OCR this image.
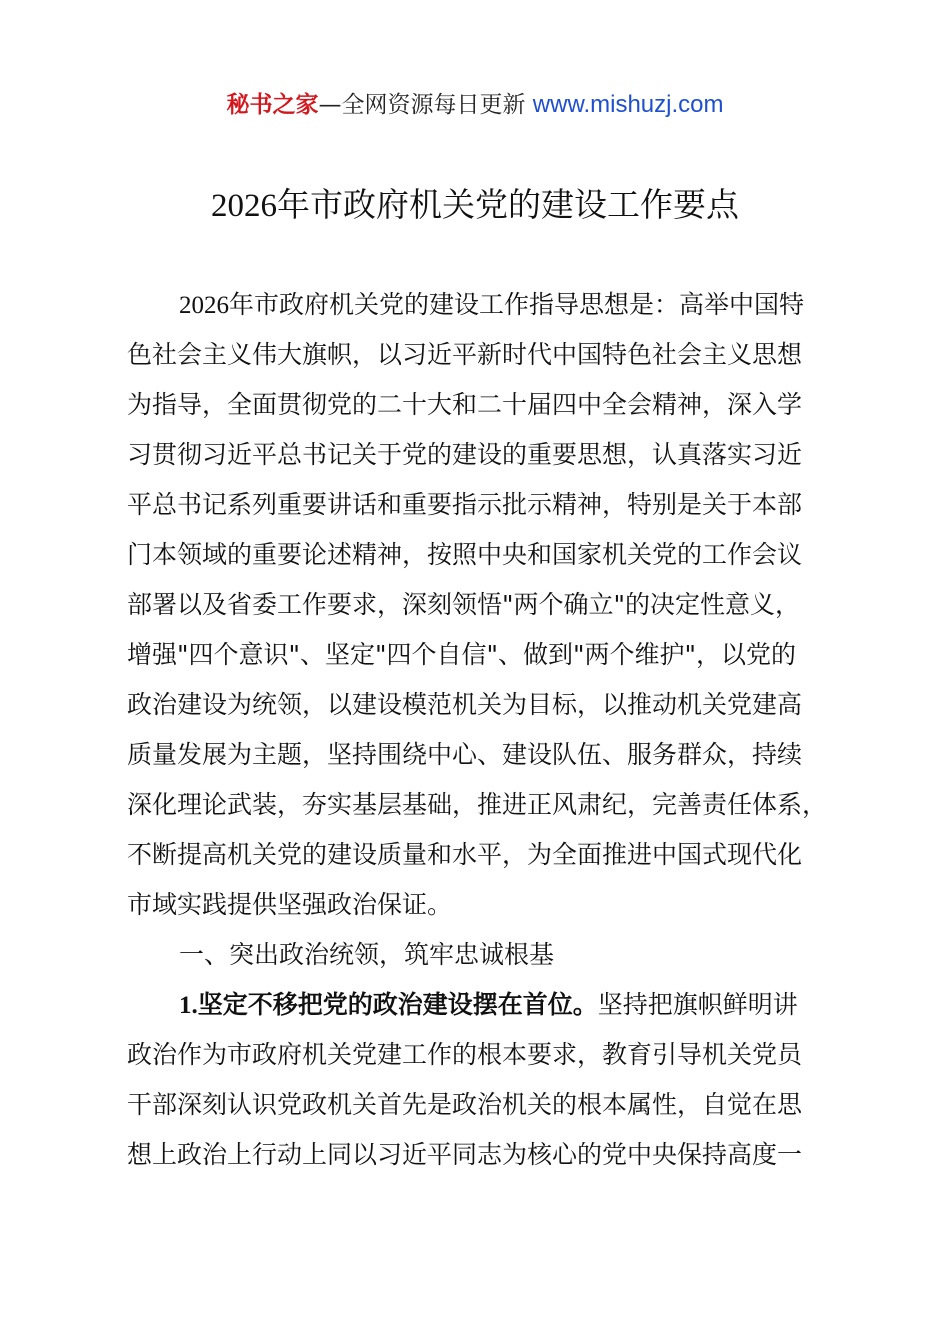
秘书之家—全网资源每日更新 www.mishuzj.com
2026年市政府机关党的建设工作要点
2026年市政府机关党的建设工作指导思想是：高举中国特
色社会主义伟大旗帜，以习近平新时代中国特色社会主义思想
为指导，全面贯彻党的二十大和二十届四中全会精神，深入学
习贯彻习近平总书记关于党的建设的重要思想，认真落实习近
平总书记系列重要讲话和重要指示批示精神，特别是关于本部
门本领域的重要论述精神，按照中央和国家机关党的工作会议
部署以及省委工作要求，深刻领悟"两个确立"的决定性意义，
增强"四个意识"、坚定"四个自信"、做到"两个维护"，以党的
政治建设为统领，以建设模范机关为目标，以推动机关党建高
质量发展为主题，坚持围绕中心、建设队伍、服务群众，持续
深化理论武装，夯实基层基础，推进正风肃纪，完善责任体系，
不断提高机关党的建设质量和水平，为全面推进中国式现代化
市域实践提供坚强政治保证。
一、突出政治统领，筑牢忠诚根基
1.坚定不移把党的政治建设摆在首位。坚持把旗帜鲜明讲
政治作为市政府机关党建工作的根本要求，教育引导机关党员
干部深刻认识党政机关首先是政治机关的根本属性，自觉在思
想上政治上行动上同以习近平同志为核心的党中央保持高度一
